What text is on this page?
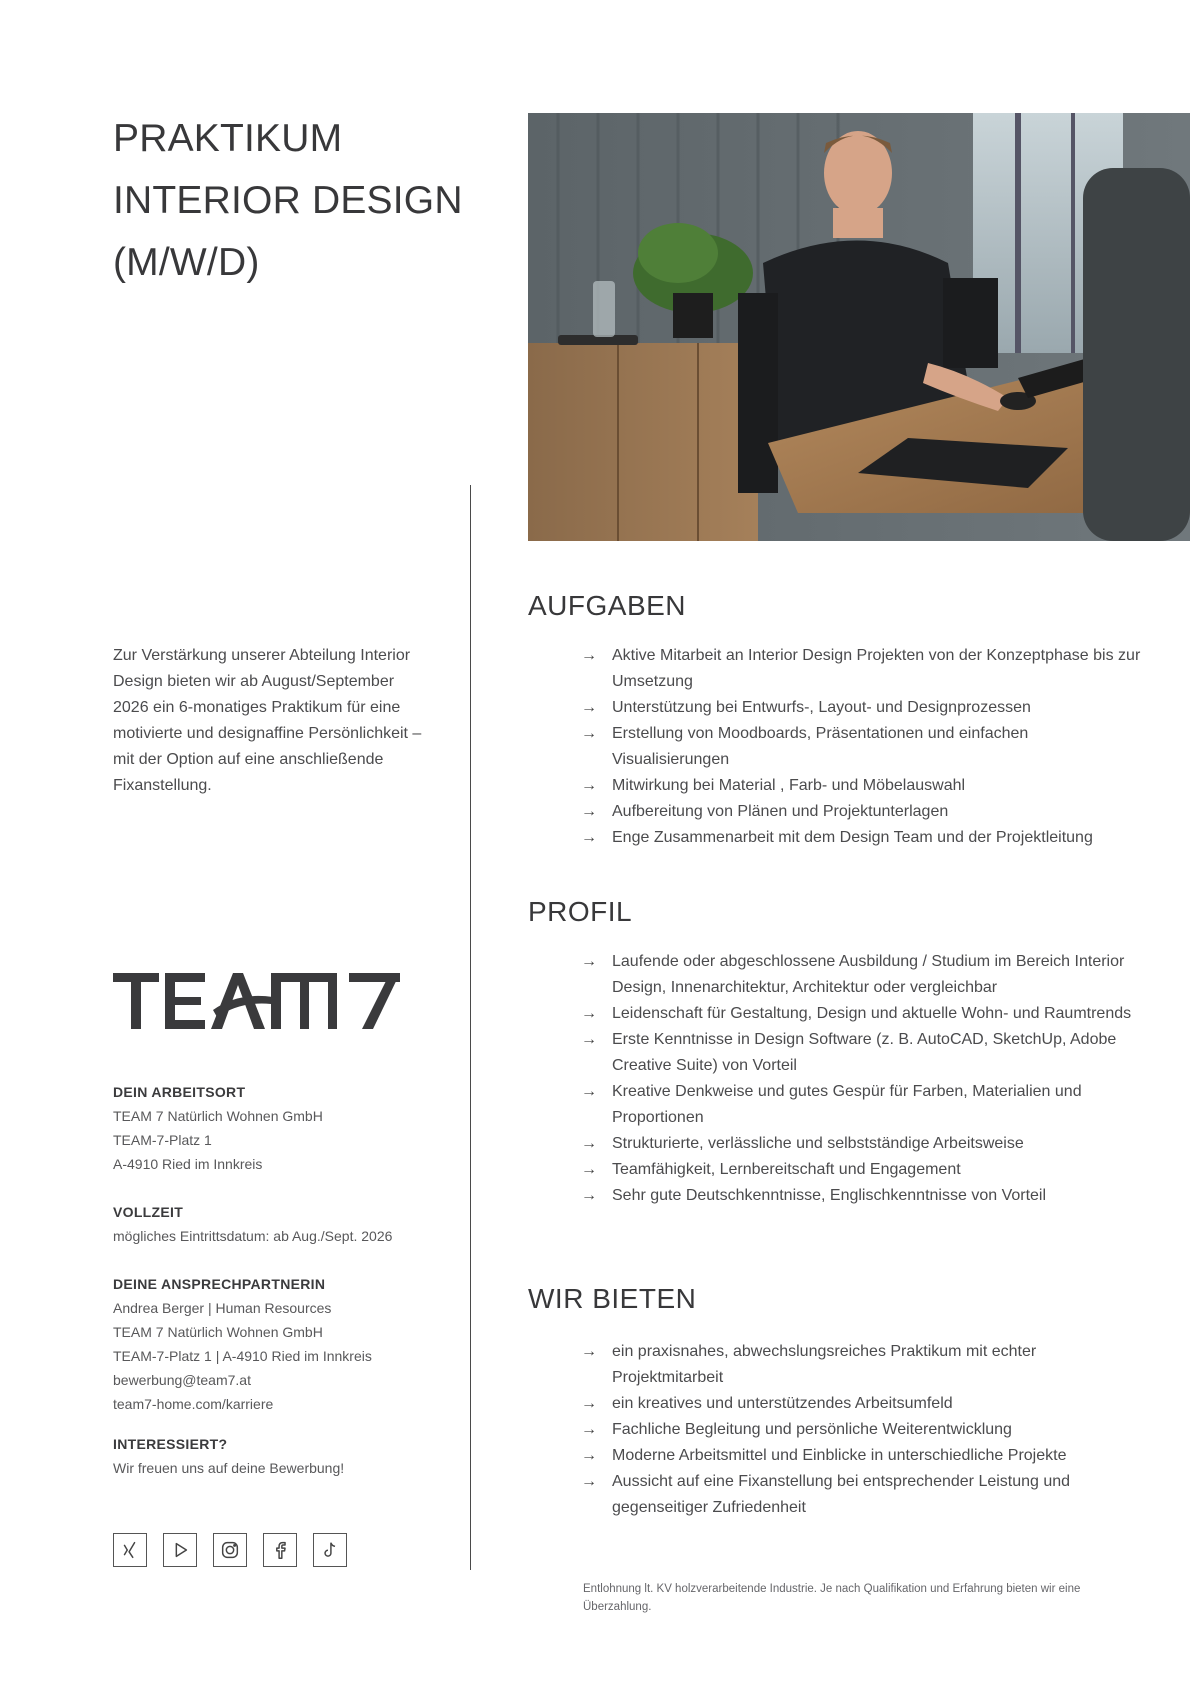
PRAKTIKUM
INTERIOR DESIGN
(M/W/D)

Zur Verstärkung unserer Abteilung Interior Design bieten wir ab August/September 2026 ein 6-monatiges Praktikum für eine motivierte und designaffine Persönlichkeit – mit der Option auf eine anschließende Fixanstellung.

DEIN ARBEITSORT
TEAM 7 Natürlich Wohnen GmbH
TEAM-7-Platz 1
A-4910 Ried im Innkreis
VOLLZEIT
mögliches Eintrittsdatum: ab Aug./Sept. 2026
DEINE ANSPRECHPARTNERIN
Andrea Berger | Human Resources
TEAM 7 Natürlich Wohnen GmbH
TEAM-7-Platz 1 | A-4910 Ried im Innkreis
bewerbung@team7.at
team7-home.com/karriere
INTERESSIERT?
Wir freuen uns auf deine Bewerbung!
AUFGABEN
→ Aktive Mitarbeit an Interior Design Projekten von der Konzeptphase bis zur Umsetzung
→ Unterstützung bei Entwurfs-, Layout- und Designprozessen
→ Erstellung von Moodboards, Präsentationen und einfachen Visualisierungen
→ Mitwirkung bei Material , Farb- und Möbelauswahl
→ Aufbereitung von Plänen und Projektunterlagen
→ Enge Zusammenarbeit mit dem Design Team und der Projektleitung
PROFIL
→ Laufende oder abgeschlossene Ausbildung / Studium im Bereich Interior Design, Innenarchitektur, Architektur oder vergleichbar
→ Leidenschaft für Gestaltung, Design und aktuelle Wohn- und Raumtrends
→ Erste Kenntnisse in Design Software (z. B. AutoCAD, SketchUp, Adobe Creative Suite) von Vorteil
→ Kreative Denkweise und gutes Gespür für Farben, Materialien und Proportionen
→ Strukturierte, verlässliche und selbstständige Arbeitsweise
→ Teamfähigkeit, Lernbereitschaft und Engagement
→ Sehr gute Deutschkenntnisse, Englischkenntnisse von Vorteil
WIR BIETEN
→ ein praxisnahes, abwechslungsreiches Praktikum mit echter Projektmitarbeit
→ ein kreatives und unterstützendes Arbeitsumfeld
→ Fachliche Begleitung und persönliche Weiterentwicklung
→ Moderne Arbeitsmittel und Einblicke in unterschiedliche Projekte
→ Aussicht auf eine Fixanstellung bei entsprechender Leistung und gegenseitiger Zufriedenheit

Entlohnung lt. KV holzverarbeitende Industrie. Je nach Qualifikation und Erfahrung bieten wir eine Überzahlung.
